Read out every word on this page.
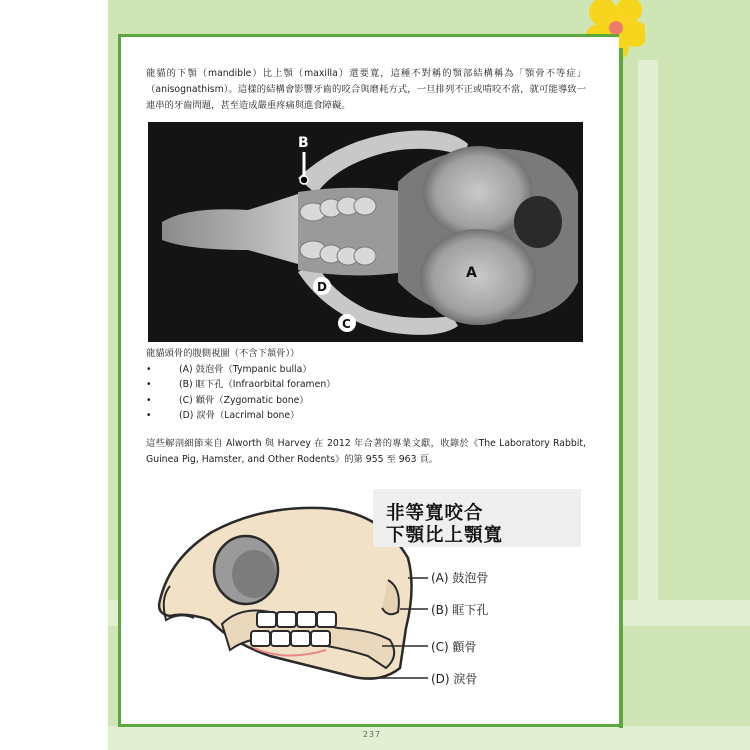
龍貓的下顎（mandible）比上顎（maxilla）還要寬，這種不對稱的顎部結構稱為「顎骨不等症」（anisognathism）。這樣的結構會影響牙齒的咬合與磨耗方式，一旦排列不正或啃咬不當，就可能導致一連串的牙齒問題，甚至造成嚴重疼痛與進食障礙。

B
A
D
C
龍貓頭骨的腹側視圖（不含下頷骨））
•	(A) 鼓泡骨（Tympanic bulla）
•	(B) 眶下孔（Infraorbital foramen）
•	(C) 顴骨（Zygomatic bone）
•	(D) 淚骨（Lacrimal bone）

這些解剖細節來自 Alworth 與 Harvey 在 2012 年合著的專業文獻，收錄於《The Laboratory Rabbit, Guinea Pig, Hamster, and Other Rodents》的第 955 至 963 頁。

非等寬咬合
下顎比上顎寬
(A) 鼓泡骨
(B) 眶下孔
(C) 顴骨
(D) 淚骨
237
